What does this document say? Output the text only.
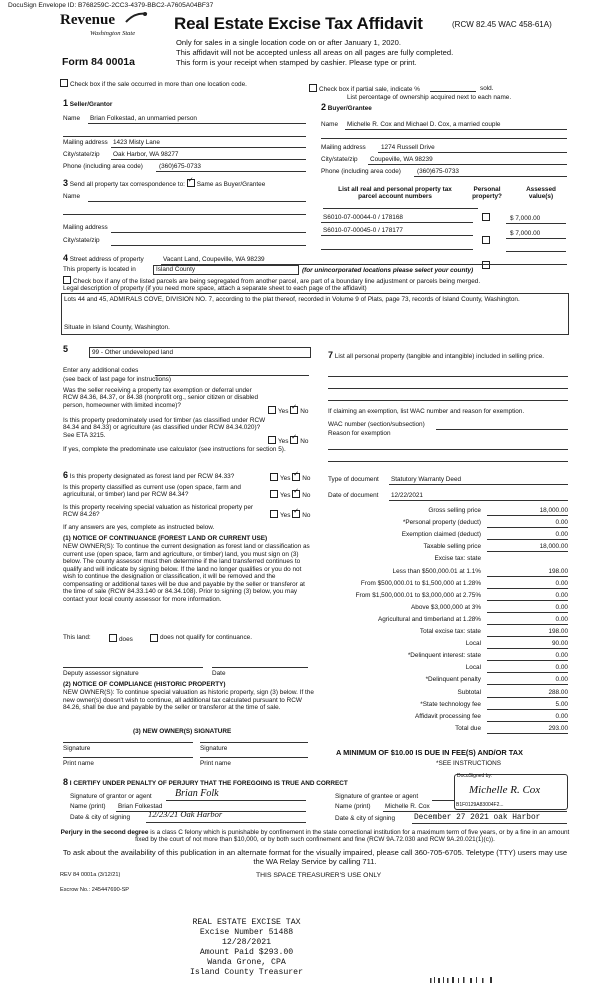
DocuSign Envelope ID: B768259C-2CC3-4379-BBC2-A7605A04BF37
Revenue
Washington State
Form 84 0001a
Real Estate Excise Tax Affidavit	(RCW 82.45 WAC 458-61A)
Only for sales in a single location code on or after January 1, 2020.
This affidavit will not be accepted unless all areas on all pages are fully completed.
This form is your receipt when stamped by cashier. Please type or print.
Check box if the sale occurred in more than one location code.
Check box if partial sale, indicate %	sold.
List percentage of ownership acquired next to each name.
1 Seller/Grantor
Name Brian Folkestad, an unmarried person
Mailing address 1423 Misty Lane
City/state/zip Oak Harbor, WA 98277
Phone (including area code)	(360)675-0733
2 Buyer/Grantee
Name Michelle R. Cox and Michael D. Cox, a married couple
Mailing address 1274 Russell Drive
City/state/zip Coupeville, WA 98239
Phone (including area code)	(360)675-0733
3 Send all property tax correspondence to: ✓ Same as Buyer/Grantee
Name
Mailing address
City/state/zip
List all real and personal property tax
parcel account numbers
Personal
property?
Assessed
value(s)
S6010-07-00044-0 / 178168	$ 7,000.00
S6010-07-00045-0 / 178177	$ 7,000.00
4 Street address of property	Vacant Land, Coupeville, WA 98239
This property is located in	Island County	(for unincorporated locations please select your county)
Check box if any of the listed parcels are being segregated from another parcel, are part of a boundary line adjustment or parcels being merged.
Legal description of property (if you need more space, attach a separate sheet to each page of the affidavit)
Lots 44 and 45, ADMIRALS COVE, DIVISION NO. 7, according to the plat thereof, recorded in Volume 9 of Plats, page 73, records of Island County, Washington.
Situate in Island County, Washington.
5	99 - Other undeveloped land
Enter any additional codes
(see back of last page for instructions)
Was the seller receiving a property tax exemption or deferral under RCW 84.36, 84.37, or 84.38 (nonprofit org., senior citizen or disabled person, homeowner with limited income)?
Yes ✓ No
Is this property predominately used for timber (as classified under RCW 84.34 and 84.33) or agriculture (as classified under RCW 84.34.020)? See ETA 3215.
Yes ✓ No
If yes, complete the predominate use calculator (see instructions for section 5).
6 Is this property designated as forest land per RCW 84.33?	Yes ✓ No
Is this property classified as current use (open space, farm and agricultural, or timber) land per RCW 84.34?	Yes ✓ No
Is this property receiving special valuation as historical property per RCW 84.26?	Yes ✓ No
If any answers are yes, complete as instructed below.
(1) NOTICE OF CONTINUANCE (FOREST LAND OR CURRENT USE)
NEW OWNER(S): To continue the current designation as forest land or classification as current use (open space, farm and agriculture, or timber) land, you must sign on (3) below. The county assessor must then determine if the land transferred continues to qualify and will indicate by signing below. If the land no longer qualifies or you do not wish to continue the designation or classification, it will be removed and the compensating or additional taxes will be due and payable by the seller or transferor at the time of sale (RCW 84.33.140 or 84.34.108). Prior to signing (3) below, you may contact your local county assessor for more information.
This land:	does	does not qualify for continuance.
Deputy assessor signature	Date
(2) NOTICE OF COMPLIANCE (HISTORIC PROPERTY)
NEW OWNER(S): To continue special valuation as historic property, sign (3) below. If the new owner(s) doesn't wish to continue, all additional tax calculated pursuant to RCW 84.26, shall be due and payable by the seller or transferor at the time of sale.
(3) NEW OWNER(S) SIGNATURE
Signature	Signature
Print name	Print name
7 List all personal property (tangible and intangible) included in selling price.
If claiming an exemption, list WAC number and reason for exemption.
WAC number (section/subsection)
Reason for exemption
Type of document Statutory Warranty Deed
Date of document 12/22/2021
Gross selling price	18,000.00
*Personal property (deduct)	0.00
Exemption claimed (deduct)	0.00
Taxable selling price	18,000.00
Excise tax: state
Less than $500,000.01 at 1.1%	198.00
From $500,000.01 to $1,500,000 at 1.28%	0.00
From $1,500,000.01 to $3,000,000 at 2.75%	0.00
Above $3,000,000 at 3%	0.00
Agricultural and timberland at 1.28%	0.00
Total excise tax: state	198.00
Local	90.00
*Delinquent interest: state	0.00
Local	0.00
*Delinquent penalty	0.00
Subtotal	288.00
*State technology fee	5.00
Affidavit processing fee	0.00
Total due	293.00
A MINIMUM OF $10.00 IS DUE IN FEE(S) AND/OR TAX
*SEE INSTRUCTIONS
8 I CERTIFY UNDER PENALTY OF PERJURY THAT THE FOREGOING IS TRUE AND CORRECT
DocuSigned by:
Michelle R. Cox
Signature of grantor or agent Brian Folk
Name (print) Brian Folkestad
Date & city of signing 12/23/21 Oak Harbor
Signature of grantee or agent
Name (print) Michelle R. Cox	B1F0129A83004F2...
Date & city of signing December 27 2021 oak Harbor
Perjury in the second degree is a class C felony which is punishable by confinement in the state correctional institution for a maximum term of five years, or by a fine in an amount fixed by the court of not more than $10,000, or by both such confinement and fine (RCW 9A.72.030 and RCW 9A.20.021(1)(c)).
To ask about the availability of this publication in an alternate format for the visually impaired, please call 360-705-6705. Teletype (TTY) users may use the WA Relay Service by calling 711.
REV 84 0001a (3/12/21)	THIS SPACE TREASURER'S USE ONLY
Escrow No.: 245447690-SP
REAL ESTATE EXCISE TAX
Excise Number 51488
12/28/2021
Amount Paid $293.00
Wanda Grone, CPA
Island County Treasurer
